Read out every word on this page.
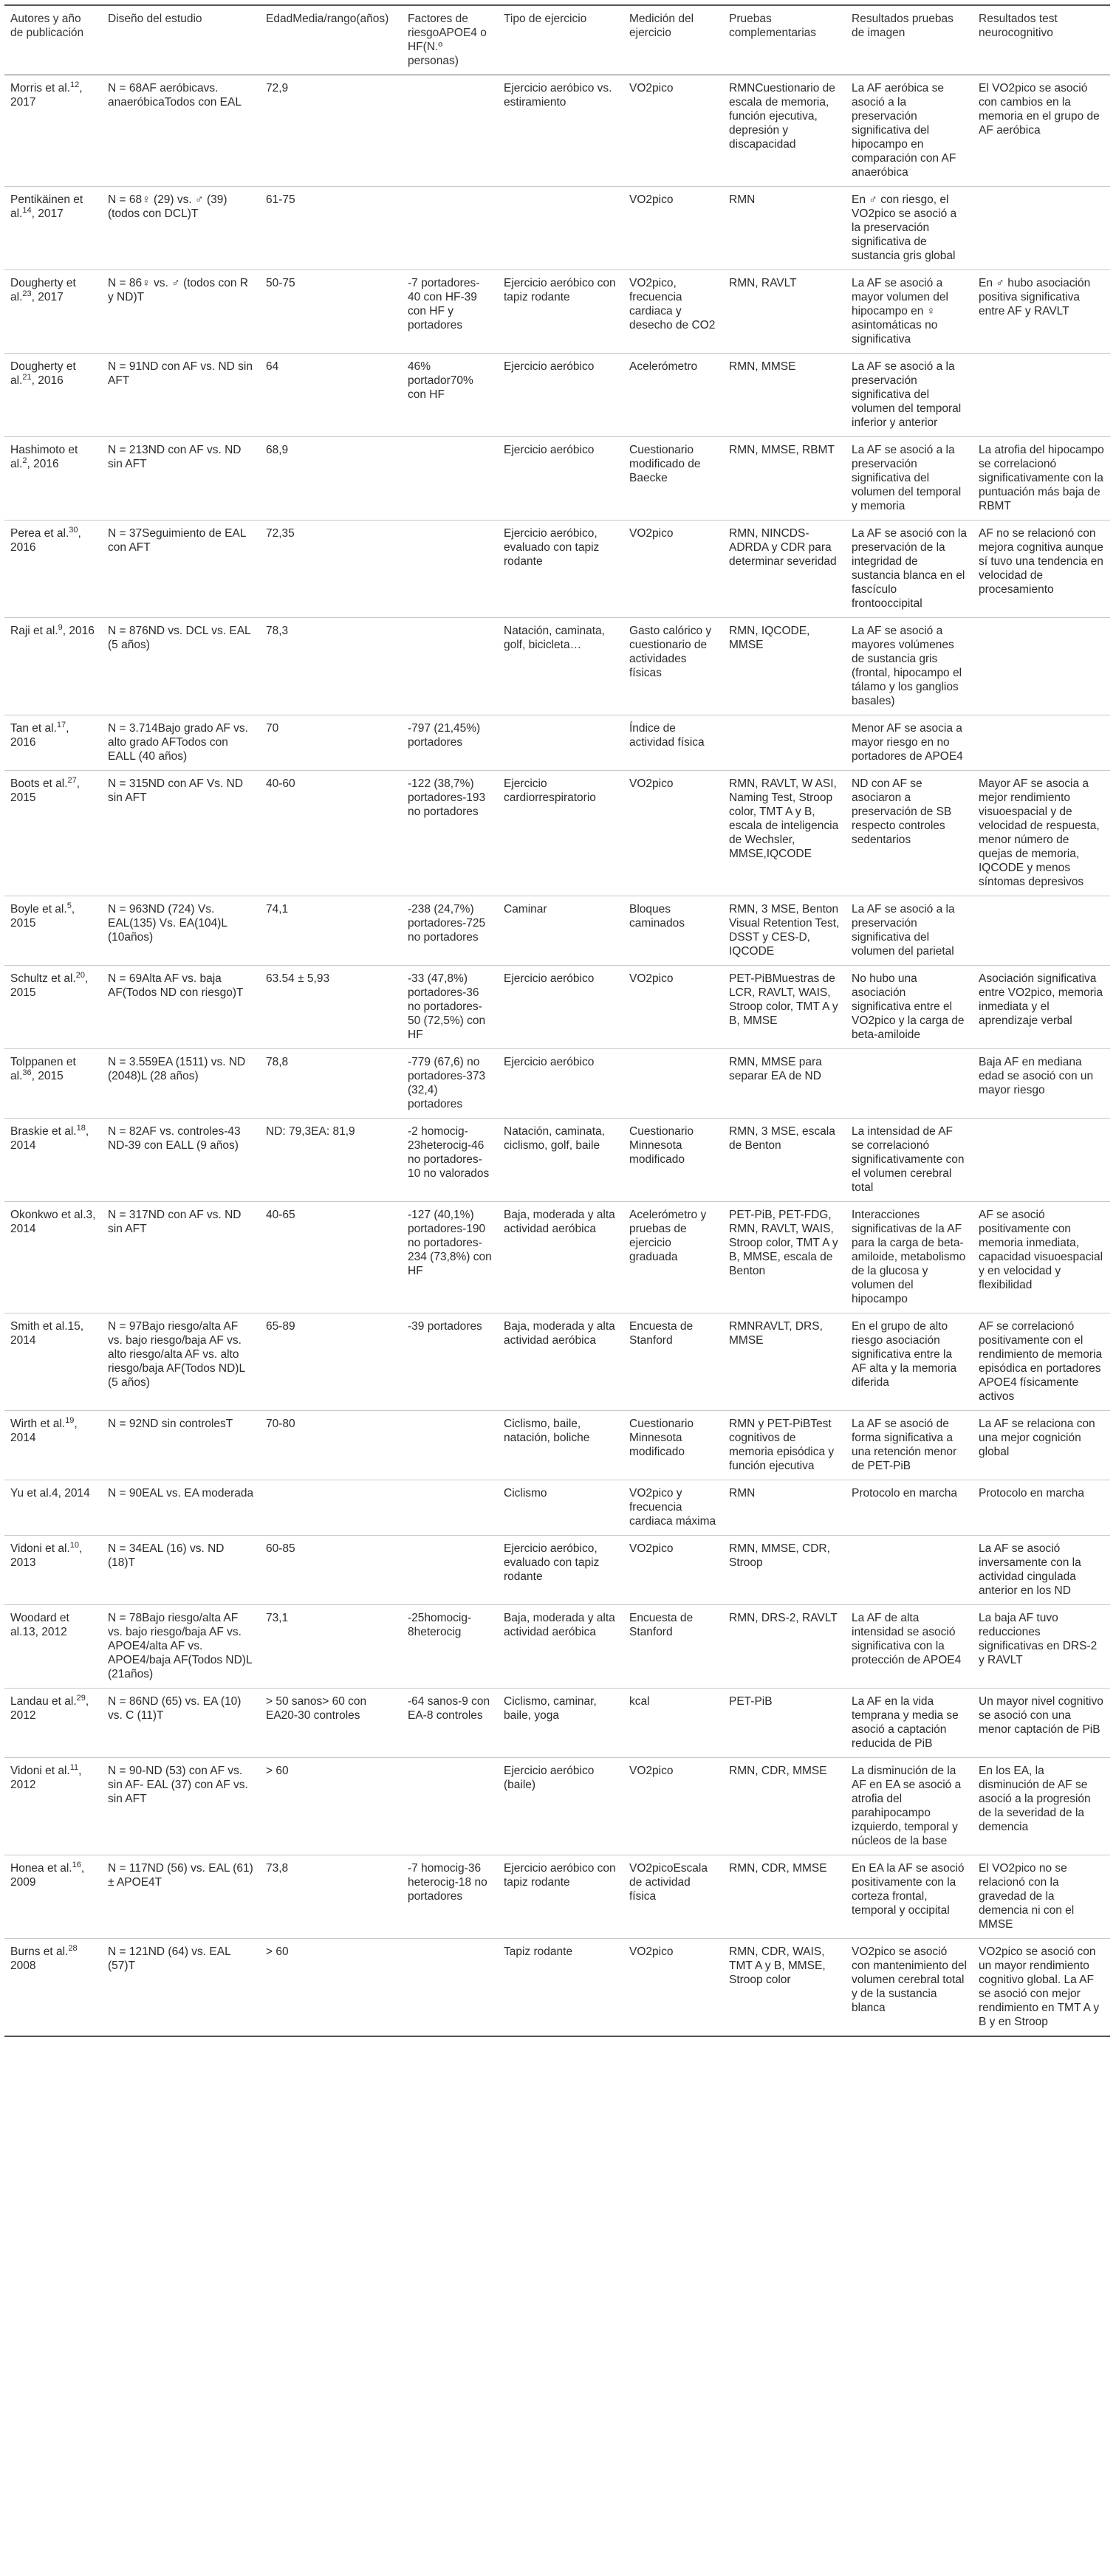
Autores y año de publicación	Diseño del estudio	EdadMedia/rango(años)	Factores de riesgoAPOE4 o HF(N.º personas)	Tipo de ejercicio	Medición del ejercicio	Pruebas complementarias	Resultados pruebas de imagen	Resultados test neurocognitivo
Morris et al.$^{12}$, 2017	N = 68AF aeróbicavs. anaeróbicaTodos con EAL	72,9		Ejercicio aeróbico vs. estiramiento	VO2pico	RMNCuestionario de escala de memoria, función ejecutiva, depresión y discapacidad	La AF aeróbica se asoció a la preservación significativa del hipocampo en comparación con AF anaeróbica	El VO2pico se asoció con cambios en la memoria en el grupo de AF aeróbica
Pentikäinen et al.$^{14}$, 2017	N = 68♀ (29) vs. ♂ (39) (todos con DCL)T	61-75			VO2pico	RMN	En ♂ con riesgo, el VO2pico se asoció a la preservación significativa de sustancia gris global	
Dougherty et al.$^{23}$, 2017	N = 86♀ vs. ♂ (todos con R y ND)T	50-75	-7 portadores-40 con HF-39 con HF y portadores	Ejercicio aeróbico con tapiz rodante	VO2pico, frecuencia cardiaca y desecho de CO2	RMN, RAVLT	La AF se asoció a mayor volumen del hipocampo en ♀ asintomáticas no significativa	En ♂ hubo asociación positiva significativa entre AF y RAVLT
Dougherty et al.$^{21}$, 2016	N = 91ND con AF vs. ND sin AFT	64	46% portador70% con HF	Ejercicio aeróbico	Acelerómetro	RMN, MMSE	La AF se asoció a la preservación significativa del volumen del temporal inferior y anterior	
Hashimoto et al.$^2$, 2016	N = 213ND con AF vs. ND sin AFT	68,9		Ejercicio aeróbico	Cuestionario modificado de Baecke	RMN, MMSE, RBMT	La AF se asoció a la preservación significativa del volumen del temporal y memoria	La atrofia del hipocampo se correlacionó significativamente con la puntuación más baja de RBMT
Perea et al.$^{30}$, 2016	N = 37Seguimiento de EAL con AFT	72,35		Ejercicio aeróbico, evaluado con tapiz rodante	VO2pico	RMN, NINCDS-ADRDA y CDR para determinar severidad	La AF se asoció con la preservación de la integridad de sustancia blanca en el fascículo frontooccipital	AF no se relacionó con mejora cognitiva aunque sí tuvo una tendencia en velocidad de procesamiento
Raji et al.$^9$, 2016	N = 876ND vs. DCL vs. EAL (5 años)	78,3		Natación, caminata, golf, bicicleta…	Gasto calórico y cuestionario de actividades físicas	RMN, IQCODE, MMSE	La AF se asoció a mayores volúmenes de sustancia gris (frontal, hipocampo el tálamo y los ganglios basales)	
Tan et al.$^{17}$, 2016	N = 3.714Bajo grado AF vs. alto grado AFTodos con EALL (40 años)	70	-797 (21,45%) portadores		Índice de actividad física		Menor AF se asocia a mayor riesgo en no portadores de APOE4	
Boots et al.$^{27}$, 2015	N = 315ND con AF Vs. ND sin AFT	40-60	-122 (38,7%) portadores-193 no portadores	Ejercicio cardiorrespiratorio	VO2pico	RMN, RAVLT, W ASI, Naming Test, Stroop color, TMT A y B, escala de inteligencia de Wechsler, MMSE,IQCODE	ND con AF se asociaron a preservación de SB respecto controles sedentarios	Mayor AF se asocia a mejor rendimiento visuoespacial y de velocidad de respuesta, menor número de quejas de memoria, IQCODE y menos síntomas depresivos
Boyle et al.$^5$, 2015	N = 963ND (724) Vs. EAL(135) Vs. EA(104)L (10años)	74,1	-238 (24,7%) portadores-725 no portadores	Caminar	Bloques caminados	RMN, 3 MSE, Benton Visual Retention Test, DSST y CES-D, IQCODE	La AF se asoció a la preservación significativa del volumen del parietal	
Schultz et al.$^{20}$, 2015	N = 69Alta AF vs. baja AF(Todos ND con riesgo)T	63.54 ± 5,93	-33 (47,8%) portadores-36 no portadores-50 (72,5%) con HF	Ejercicio aeróbico	VO2pico	PET-PiBMuestras de LCR, RAVLT, WAIS, Stroop color, TMT A y B, MMSE	No hubo una asociación significativa entre el VO2pico y la carga de beta-amiloide	Asociación significativa entre VO2pico, memoria inmediata y el aprendizaje verbal
Tolppanen et al.$^{36}$, 2015	N = 3.559EA (1511) vs. ND (2048)L (28 años)	78,8	-779 (67,6) no portadores-373 (32,4) portadores	Ejercicio aeróbico		RMN, MMSE para separar EA de ND		Baja AF en mediana edad se asoció con un mayor riesgo
Braskie et al.$^{18}$, 2014	N = 82AF vs. controles-43 ND-39 con EALL (9 años)	ND: 79,3EA: 81,9	-2 homocig-23heterocig-46 no portadores-10 no valorados	Natación, caminata, ciclismo, golf, baile	Cuestionario Minnesota modificado	RMN, 3 MSE, escala de Benton	La intensidad de AF se correlacionó significativamente con el volumen cerebral total	
Okonkwo et al.3, 2014	N = 317ND con AF vs. ND sin AFT	40-65	-127 (40,1%) portadores-190 no portadores-234 (73,8%) con HF	Baja, moderada y alta actividad aeróbica	Acelerómetro y pruebas de ejercicio graduada	PET-PiB, PET-FDG, RMN, RAVLT, WAIS, Stroop color, TMT A y B, MMSE, escala de Benton	Interacciones significativas de la AF para la carga de beta-amiloide, metabolismo de la glucosa y volumen del hipocampo	AF se asoció positivamente con memoria inmediata, capacidad visuoespacial y en velocidad y flexibilidad
Smith et al.15, 2014	N = 97Bajo riesgo/alta AF vs. bajo riesgo/baja AF vs. alto riesgo/alta AF vs. alto riesgo/baja AF(Todos ND)L (5 años)	65-89	-39 portadores	Baja, moderada y alta actividad aeróbica	Encuesta de Stanford	RMNRAVLT, DRS, MMSE	En el grupo de alto riesgo asociación significativa entre la AF alta y la memoria diferida	AF se correlacionó positivamente con el rendimiento de memoria episódica en portadores APOE4 físicamente activos
Wirth et al.$^{19}$, 2014	N = 92ND sin controlesT	70-80		Ciclismo, baile, natación, boliche	Cuestionario Minnesota modificado	RMN y PET-PiBTest cognitivos de memoria episódica y función ejecutiva	La AF se asoció de forma significativa a una retención menor de PET-PiB	La AF se relaciona con una mejor cognición global
Yu et al.4, 2014	N = 90EAL vs. EA moderada			Ciclismo	VO2pico y frecuencia cardiaca máxima	RMN	Protocolo en marcha	Protocolo en marcha
Vidoni et al.$^{10}$, 2013	N = 34EAL (16) vs. ND (18)T	60-85		Ejercicio aeróbico, evaluado con tapiz rodante	VO2pico	RMN, MMSE, CDR, Stroop		La AF se asoció inversamente con la actividad cingulada anterior en los ND
Woodard et al.13, 2012	N = 78Bajo riesgo/alta AF vs. bajo riesgo/baja AF vs. APOE4/alta AF vs. APOE4/baja AF(Todos ND)L (21años)	73,1	-25homocig-8heterocig	Baja, moderada y alta actividad aeróbica	Encuesta de Stanford	RMN, DRS-2, RAVLT	La AF de alta intensidad se asoció significativa con la protección de APOE4	La baja AF tuvo reducciones significativas en DRS-2 y RAVLT
Landau et al.$^{29}$, 2012	N = 86ND (65) vs. EA (10) vs. C (11)T	> 50 sanos> 60 con EA20-30 controles	-64 sanos-9 con EA-8 controles	Ciclismo, caminar, baile, yoga	kcal	PET-PiB	La AF en la vida temprana y media se asoció a captación reducida de PiB	Un mayor nivel cognitivo se asoció con una menor captación de PiB
Vidoni et al.$^{11}$, 2012	N = 90-ND (53) con AF vs. sin AF- EAL (37) con AF vs. sin AFT	> 60		Ejercicio aeróbico (baile)	VO2pico	RMN, CDR, MMSE	La disminución de la AF en EA se asoció a atrofia del parahipocampo izquierdo, temporal y núcleos de la base	En los EA, la disminución de AF se asoció a la progresión de la severidad de la demencia
Honea et al.$^{16}$, 2009	N = 117ND (56) vs. EAL (61) ± APOE4T	73,8	-7 homocig-36 heterocig-18 no portadores	Ejercicio aeróbico con tapiz rodante	VO2picoEscala de actividad física	RMN, CDR, MMSE	En EA la AF se asoció positivamente con la corteza frontal, temporal y occipital	El VO2pico no se relacionó con la gravedad de la demencia ni con el MMSE
Burns et al.$^{28}$ 2008	N = 121ND (64) vs. EAL (57)T	> 60		Tapiz rodante	VO2pico	RMN, CDR, WAIS, TMT A y B, MMSE, Stroop color	VO2pico se asoció con mantenimiento del volumen cerebral total y de la sustancia blanca	VO2pico se asoció con un mayor rendimiento cognitivo global. La AF se asoció con mejor rendimiento en TMT A y B y en Stroop
